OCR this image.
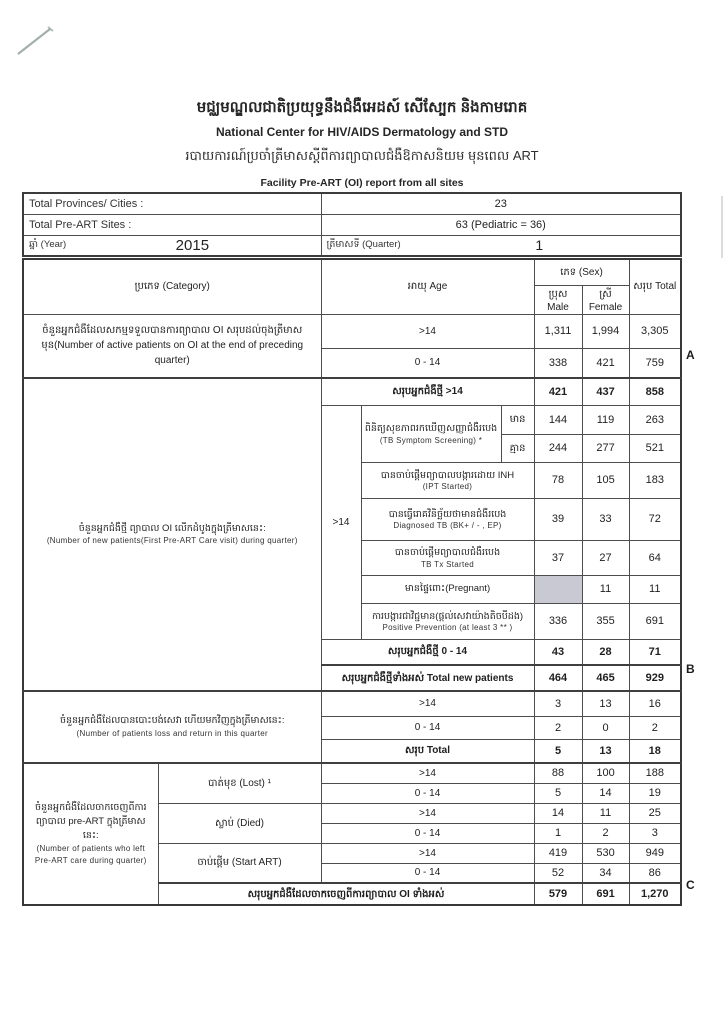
មជ្ឈមណ្ឌលជាតិប្រយុទ្ធនឹងជំងឺអេដស៍ សើស្បែក និងកាមរោគ
National Center for HIV/AIDS Dermatology and STD
របាយការណ៍ប្រចាំត្រីមាសស្តីពីការព្យាបាលជំងឺឱកាសនិយម មុនពេល ART
Facility Pre-ART (OI) report from all sites
Total Provinces/ Cities :	23
Total Pre-ART Sites :	63 (Pediatric = 36)

ឆ្នាំ (Year) 2015	ត្រីមាសទី (Quarter) 1
ប្រភេទ (Category)		អាយុ Age			ភេទ (Sex)		សរុប Total
					ប្រុស Male	ស្រី Female	
ចំនួនអ្នកជំងឺដែលសកម្មទទួលបានការព្យាបាល OI សរុបដល់ចុងត្រីមាសមុន(Number of active patients on OI at the end of preceding quarter)		>14			1,311	1,994	3,305
		0 - 14			338	421	759

ចំនួនអ្នកជំងឺថ្មី ព្យាបាល OI លើកដំបូងក្នុងត្រីមាសនេះ:
(Number of new patients(First Pre-ART Care visit) during quarter)		សរុបអ្នកជំងឺថ្មី >14			421	437	858
		>14	ពិនិត្យសុខភាពរកឃើញសញ្ញាជំងឺរបេង
(TB Symptom Screening) *	មាន	144	119	263
				គ្មាន	244	277	521

			បានចាប់ផ្តើមព្យាបាលបង្ការដោយ INH
(IPT Started)		78	105	183

			បានធ្វើរោគវិនិច្ឆ័យថាមានជំងឺរបេង
Diagnosed TB (BK+ / - , EP)		39	33	72

			បានចាប់ផ្តើមព្យាបាលជំងឺរបេង
TB Tx Started		37	27	64
			មានផ្ទៃពោះ(Pregnant)			11	11

			ការបង្ការជាវិជ្ជមាន(ផ្តល់សេវាយ៉ាងតិចបីដង)
Positive Prevention (at least 3 ** )		336	355	691
		សរុបអ្នកជំងឺថ្មី 0 - 14			43	28	71
		សរុបអ្នកជំងឺថ្មីទាំងអស់ Total new patients			464	465	929

ចំនួនអ្នកជំងឺដែលបានបោះបង់សេវា ហើយមកវិញក្នុងត្រីមាសនេះ:
(Number of patients loss and return in this quarter		>14			3	13	16
		0 - 14			2	0	2
		សរុប Total			5	13	18

ចំនួនអ្នកជំងឺដែលចាកចេញពីការ
ព្យាបាល pre-ART ក្នុងត្រីមាសនេះ:
(Number of patients who left Pre-ART care during quarter)	បាត់មុខ (Lost) ¹	>14			88	100	188
		0 - 14			5	14	19
	ស្លាប់ (Died)	>14			14	11	25
		0 - 14			1	2	3
	ចាប់ផ្តើម (Start ART)	>14			419	530	949
		0 - 14			52	34	86
	សរុបអ្នកជំងឺដែលចាកចេញពីការព្យាបាល OI ទាំងអស់				579	691	1,270
A
B
C
